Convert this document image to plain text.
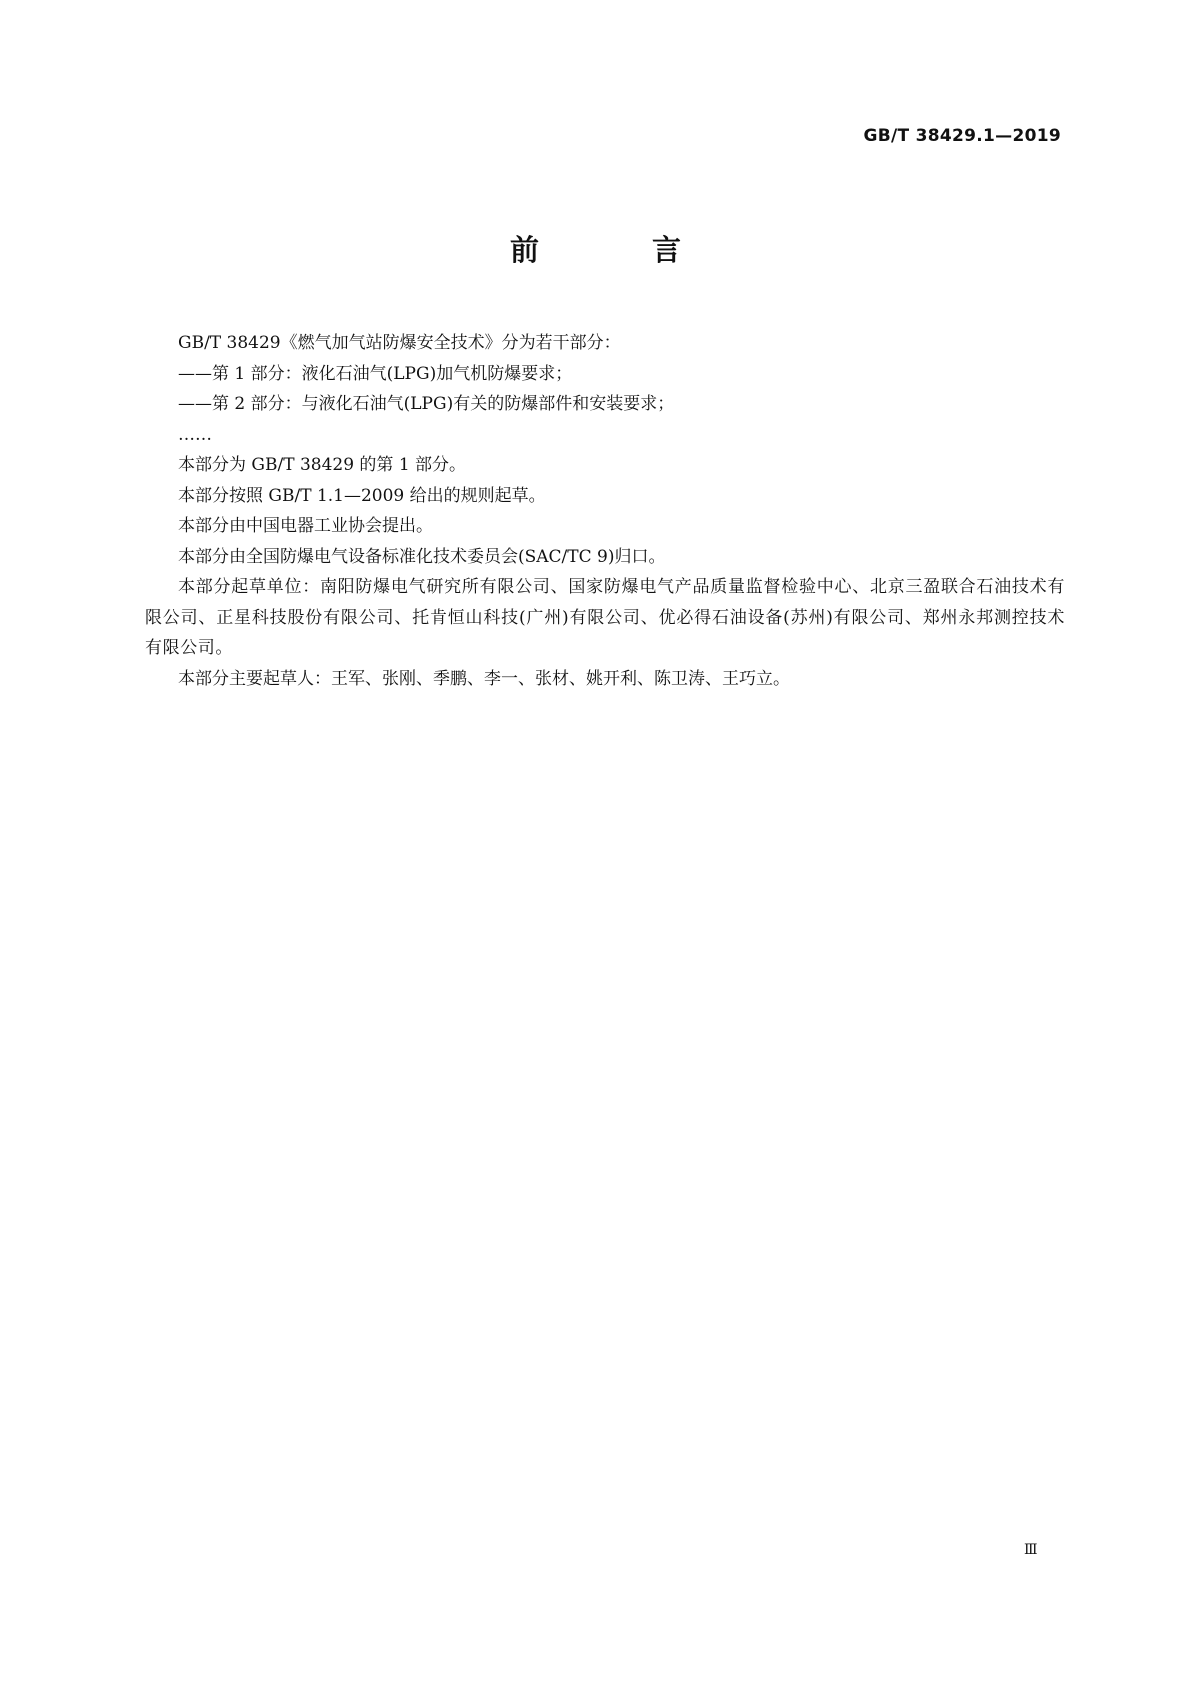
GB/T 38429.1—2019
前　言

GB/T 38429《燃气加气站防爆安全技术》分为若干部分：

——第 1 部分：液化石油气(LPG)加气机防爆要求；

——第 2 部分：与液化石油气(LPG)有关的防爆部件和安装要求；

……

本部分为 GB/T 38429 的第 1 部分。

本部分按照 GB/T 1.1—2009 给出的规则起草。

本部分由中国电器工业协会提出。

本部分由全国防爆电气设备标准化技术委员会(SAC/TC 9)归口。

本部分起草单位：南阳防爆电气研究所有限公司、国家防爆电气产品质量监督检验中心、北京三盈联合石油技术有限公司、正星科技股份有限公司、托肯恒山科技(广州)有限公司、优必得石油设备(苏州)有限公司、郑州永邦测控技术有限公司。

本部分主要起草人：王军、张刚、季鹏、李一、张材、姚开利、陈卫涛、王巧立。

Ⅲ
